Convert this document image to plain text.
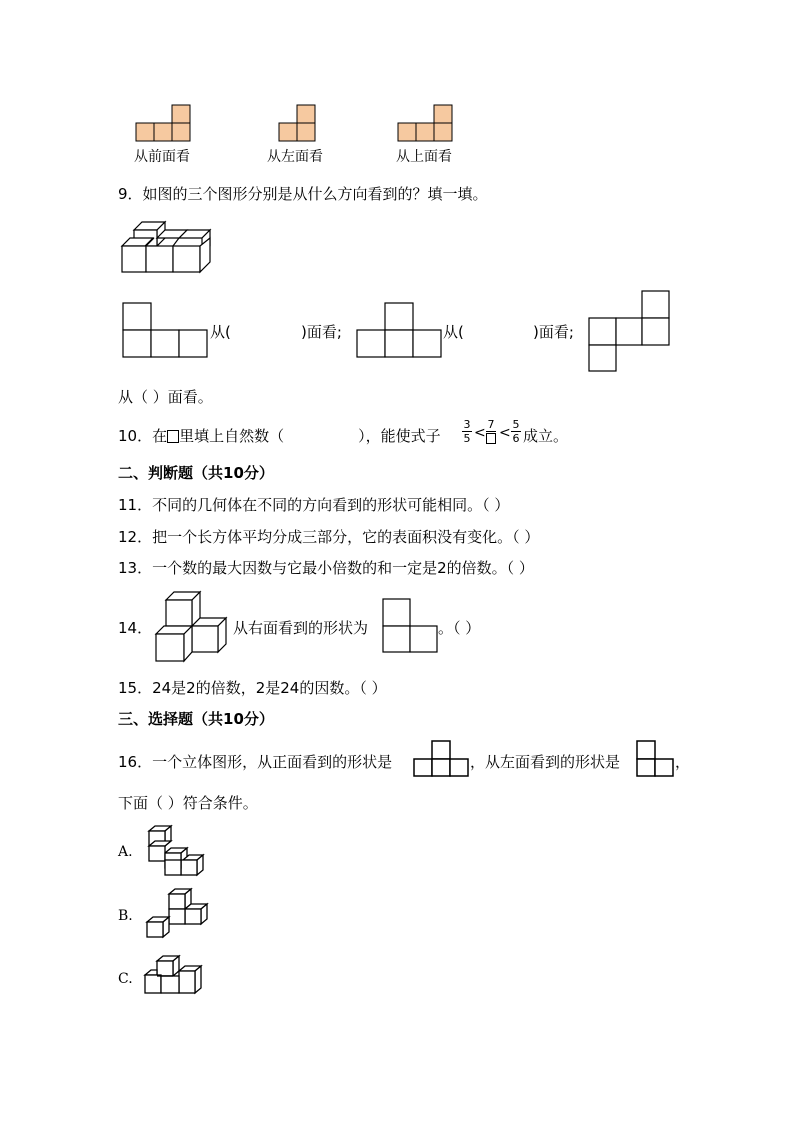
从前面看	从左面看	从上面看
9．如图的三个图形分别是从什么方向看到的？填一填。
从(	)面看;	从(	)面看;
从（ ）面看。
10．在 里填上自然数（	），能使式子
3
5 <
7
<
5
6 成立。
二、判断题（共10分）
11．不同的几何体在不同的方向看到的形状可能相同。（ ）
12．把一个长方体平均分成三部分，它的表面积没有变化。（ ）
13．一个数的最大因数与它最小倍数的和一定是2的倍数。（ ）
14．	从右面看到的形状为	。（ ）
15．24是2的倍数，2是24的因数。（ ）
三、选择题（共10分）
16．一个立体图形，从正面看到的形状是	，从左面看到的形状是	，
下面（ ）符合条件。
A.
B.
C.
